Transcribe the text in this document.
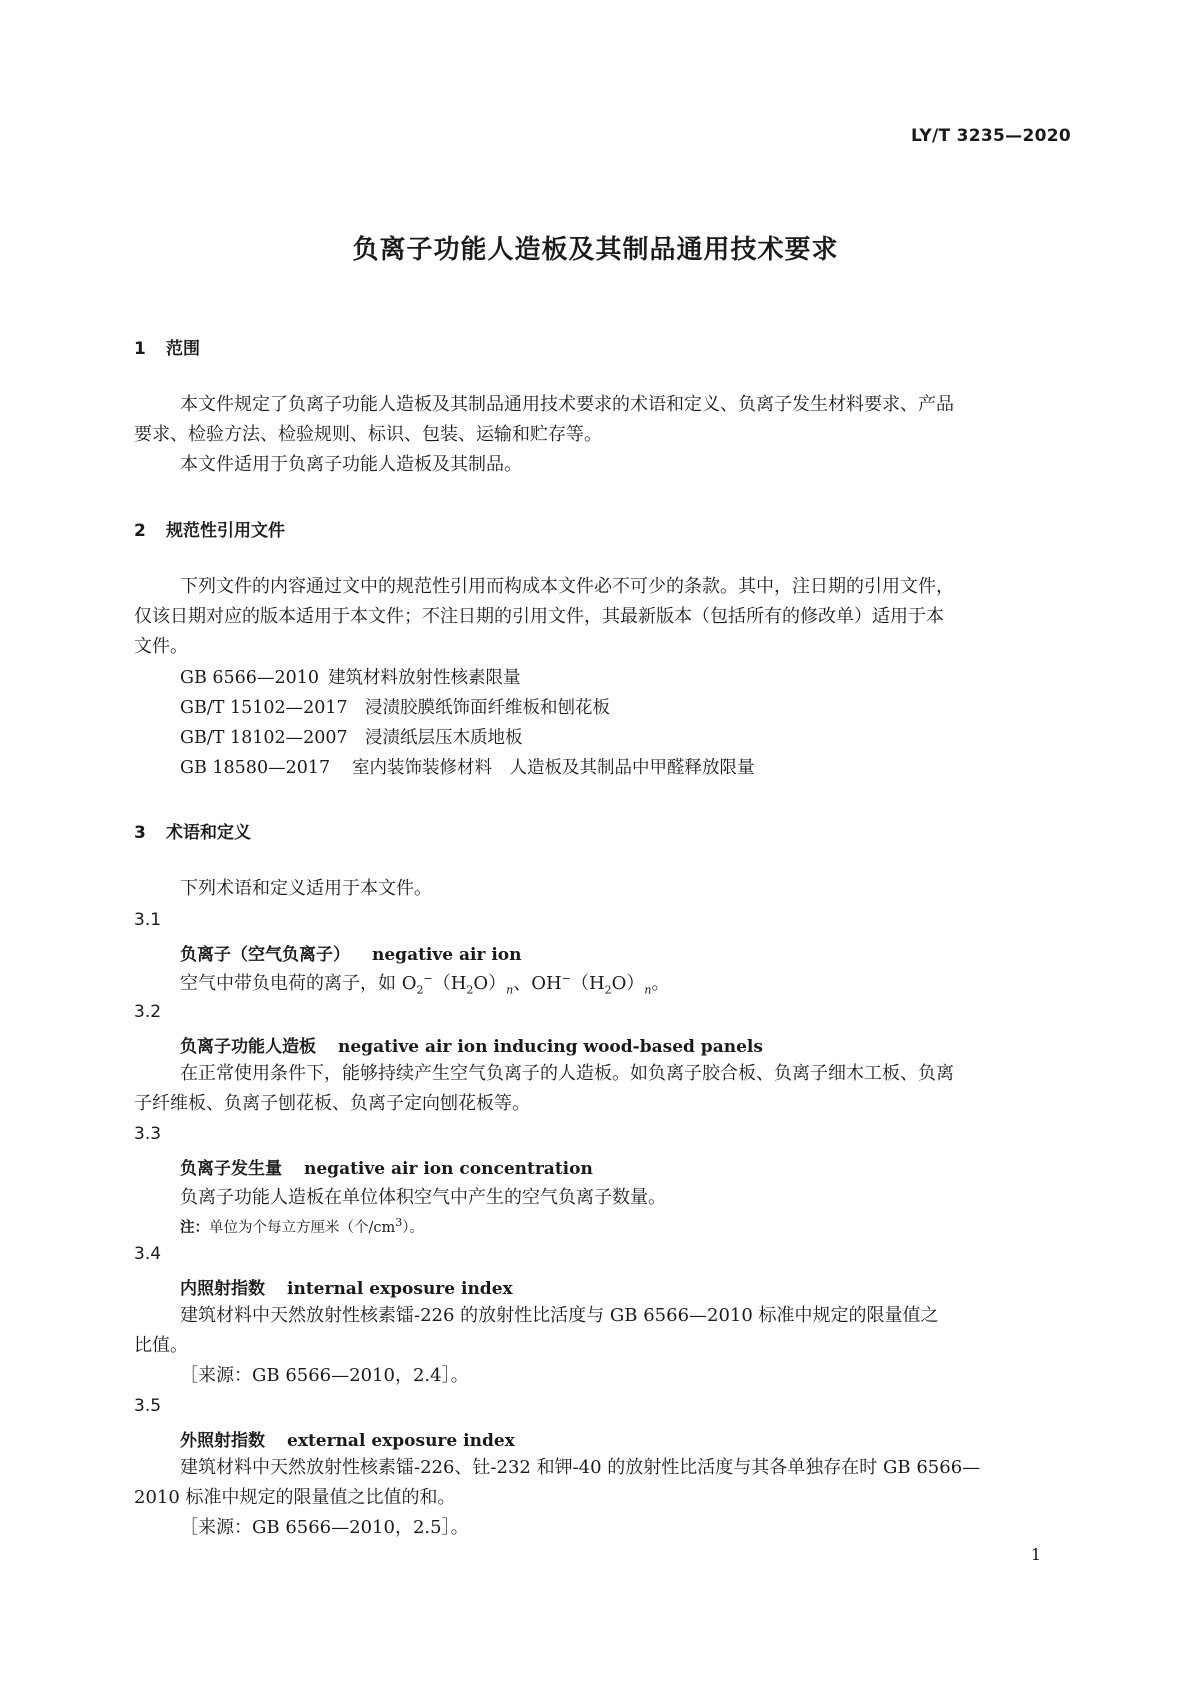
LY/T 3235—2020
负离子功能人造板及其制品通用技术要求
1 范围
本文件规定了负离子功能人造板及其制品通用技术要求的术语和定义、负离子发生材料要求、产品
要求、检验方法、检验规则、标识、包装、运输和贮存等。
本文件适用于负离子功能人造板及其制品。
2 规范性引用文件
下列文件的内容通过文中的规范性引用而构成本文件必不可少的条款。其中，注日期的引用文件，
仅该日期对应的版本适用于本文件；不注日期的引用文件，其最新版本（包括所有的修改单）适用于本
文件。
GB 6566—2010 建筑材料放射性核素限量
GB/T 15102—2017 浸渍胶膜纸饰面纤维板和刨花板
GB/T 18102—2007 浸渍纸层压木质地板
GB 18580—2017 室内装饰装修材料　人造板及其制品中甲醛释放限量
3 术语和定义
下列术语和定义适用于本文件。
3.1
负离子（空气负离子） negative air ion
空气中带负电荷的离子，如 $O_2^-(H_2O)_n$、$OH^-(H_2O)_n$。
3.2
负离子功能人造板 negative air ion inducing wood-based panels
在正常使用条件下，能够持续产生空气负离子的人造板。如负离子胶合板、负离子细木工板、负离
子纤维板、负离子刨花板、负离子定向刨花板等。
3.3
负离子发生量 negative air ion concentration
负离子功能人造板在单位体积空气中产生的空气负离子数量。
注：单位为个每立方厘米（个$/cm^3$）。
3.4
内照射指数 internal exposure index
建筑材料中天然放射性核素镭-226 的放射性比活度与 GB 6566—2010 标准中规定的限量值之
比值。
［来源：GB 6566—2010，2.4］。
3.5
外照射指数 external exposure index
建筑材料中天然放射性核素镭-226、钍-232 和钾-40 的放射性比活度与其各单独存在时 GB 6566—
2010 标准中规定的限量值之比值的和。
［来源：GB 6566—2010，2.5］。
1
